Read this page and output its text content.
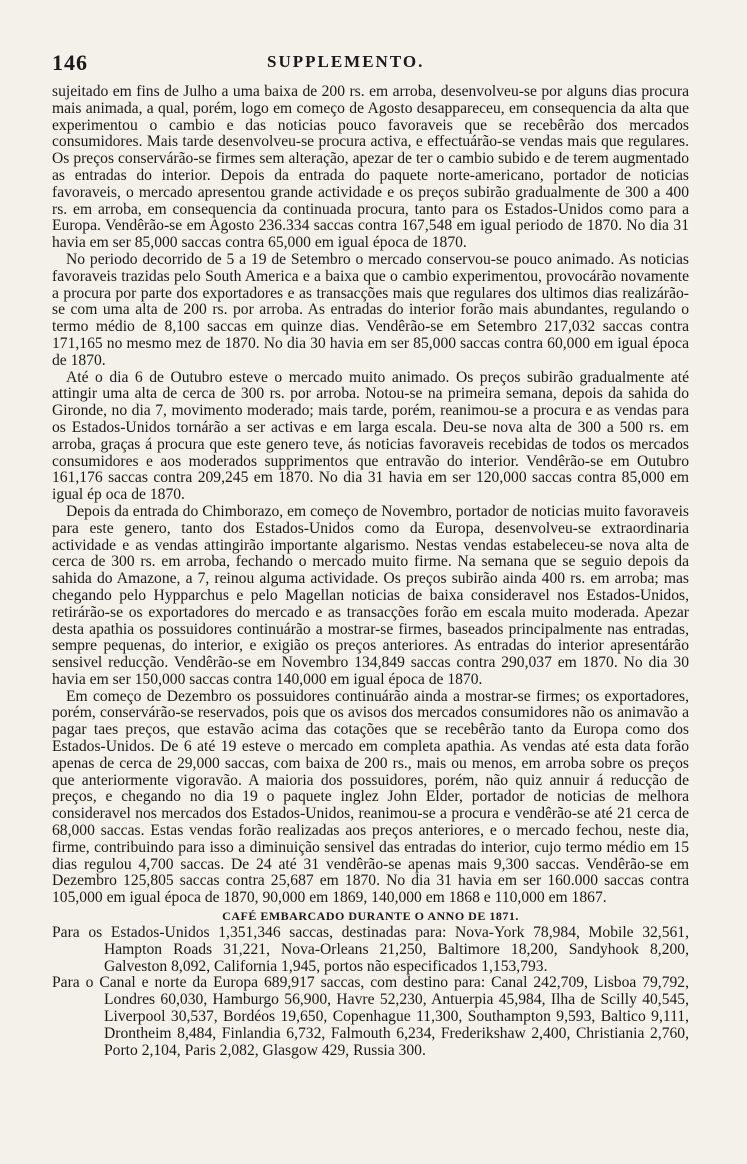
146	SUPPLEMENTO.

sujeitado em fins de Julho a uma baixa de 200 rs. em arroba, desenvolveu-se por alguns dias procura mais animada, a qual, porém, logo em começo de Agosto desappareceu, em consequencia da alta que experimentou o cambio e das noticias pouco favoraveis que se recebêrão dos mercados consumidores. Mais tarde desenvolveu-se procura activa, e effectuárão-se vendas mais que regulares. Os preços conservárão-se firmes sem alteração, apezar de ter o cambio subido e de terem augmentado as entradas do interior. Depois da entrada do paquete norte-americano, portador de noticias favoraveis, o mercado apresentou grande actividade e os preços subirão gradualmente de 300 a 400 rs. em arroba, em consequencia da continuada procura, tanto para os Estados-Unidos como para a Europa. Vendêrão-se em Agosto 236.334 saccas contra 167,548 em igual periodo de 1870. No dia 31 havia em ser 85,000 saccas contra 65,000 em igual época de 1870.

No periodo decorrido de 5 a 19 de Setembro o mercado conservou-se pouco animado. As noticias favoraveis trazidas pelo South America e a baixa que o cambio experimentou, provocárão novamente a procura por parte dos exportadores e as transacções mais que regulares dos ultimos dias realizárão-se com uma alta de 200 rs. por arroba. As entradas do interior forão mais abundantes, regulando o termo médio de 8,100 saccas em quinze dias. Vendêrão-se em Setembro 217,032 saccas contra 171,165 no mesmo mez de 1870. No dia 30 havia em ser 85,000 saccas contra 60,000 em igual época de 1870.

Até o dia 6 de Outubro esteve o mercado muito animado. Os preços subirão gradualmente até attingir uma alta de cerca de 300 rs. por arroba. Notou-se na primeira semana, depois da sahida do Gironde, no dia 7, movimento moderado; mais tarde, porém, reanimou-se a procura e as vendas para os Estados-Unidos tornárão a ser activas e em larga escala. Deu-se nova alta de 300 a 500 rs. em arroba, graças á procura que este genero teve, ás noticias favoraveis recebidas de todos os mercados consumidores e aos moderados supprimentos que entravão do interior. Vendêrão-se em Outubro 161,176 saccas contra 209,245 em 1870. No dia 31 havia em ser 120,000 saccas contra 85,000 em igual ép oca de 1870.

Depois da entrada do Chimborazo, em começo de Novembro, portador de noticias muito favoraveis para este genero, tanto dos Estados-Unidos como da Europa, desenvolveu-se extraordinaria actividade e as vendas attingirão importante algarismo. Nestas vendas estabeleceu-se nova alta de cerca de 300 rs. em arroba, fechando o mercado muito firme. Na semana que se seguio depois da sahida do Amazone, a 7, reinou alguma actividade. Os preços subirão ainda 400 rs. em arroba; mas chegando pelo Hypparchus e pelo Magellan noticias de baixa consideravel nos Estados-Unidos, retirárão-se os exportadores do mercado e as transacções forão em escala muito moderada. Apezar desta apathia os possuidores continuárão a mostrar-se firmes, baseados principalmente nas entradas, sempre pequenas, do interior, e exigião os preços anteriores. As entradas do interior apresentárão sensivel reducção. Vendêrão-se em Novembro 134,849 saccas contra 290,037 em 1870. No dia 30 havia em ser 150,000 saccas contra 140,000 em igual época de 1870.

Em começo de Dezembro os possuidores continuárão ainda a mostrar-se firmes; os exportadores, porém, conservárão-se reservados, pois que os avisos dos mercados consumidores não os animavão a pagar taes preços, que estavão acima das cotações que se recebêrão tanto da Europa como dos Estados-Unidos. De 6 até 19 esteve o mercado em completa apathia. As vendas até esta data forão apenas de cerca de 29,000 saccas, com baixa de 200 rs., mais ou menos, em arroba sobre os preços que anteriormente vigoravão. A maioria dos possuidores, porém, não quiz annuir á reducção de preços, e chegando no dia 19 o paquete inglez John Elder, portador de noticias de melhora consideravel nos mercados dos Estados-Unidos, reanimou-se a procura e vendêrão-se até 21 cerca de 68,000 saccas. Estas vendas forão realizadas aos preços anteriores, e o mercado fechou, neste dia, firme, contribuindo para isso a diminuição sensivel das entradas do interior, cujo termo médio em 15 dias regulou 4,700 saccas. De 24 até 31 vendêrão-se apenas mais 9,300 saccas. Vendêrão-se em Dezembro 125,805 saccas contra 25,687 em 1870. No dia 31 havia em ser 160.000 saccas contra 105,000 em igual época de 1870, 90,000 em 1869, 140,000 em 1868 e 110,000 em 1867.

CAFÉ EMBARCADO DURANTE O ANNO DE 1871.

Para os Estados-Unidos 1,351,346 saccas, destinadas para: Nova-York 78,984, Mobile 32,561, Hampton Roads 31,221, Nova-Orleans 21,250, Baltimore 18,200, Sandyhook 8,200, Galveston 8,092, California 1,945, portos não especificados 1,153,793.

Para o Canal e norte da Europa 689,917 saccas, com destino para: Canal 242,709, Lisboa 79,792, Londres 60,030, Hamburgo 56,900, Havre 52,230, Antuerpia 45,984, Ilha de Scilly 40,545, Liverpool 30,537, Bordéos 19,650, Copenhague 11,300, Southampton 9,593, Baltico 9,111, Drontheim 8,484, Finlandia 6,732, Falmouth 6,234, Frederikshaw 2,400, Christiania 2,760, Porto 2,104, Paris 2,082, Glasgow 429, Russia 300.
